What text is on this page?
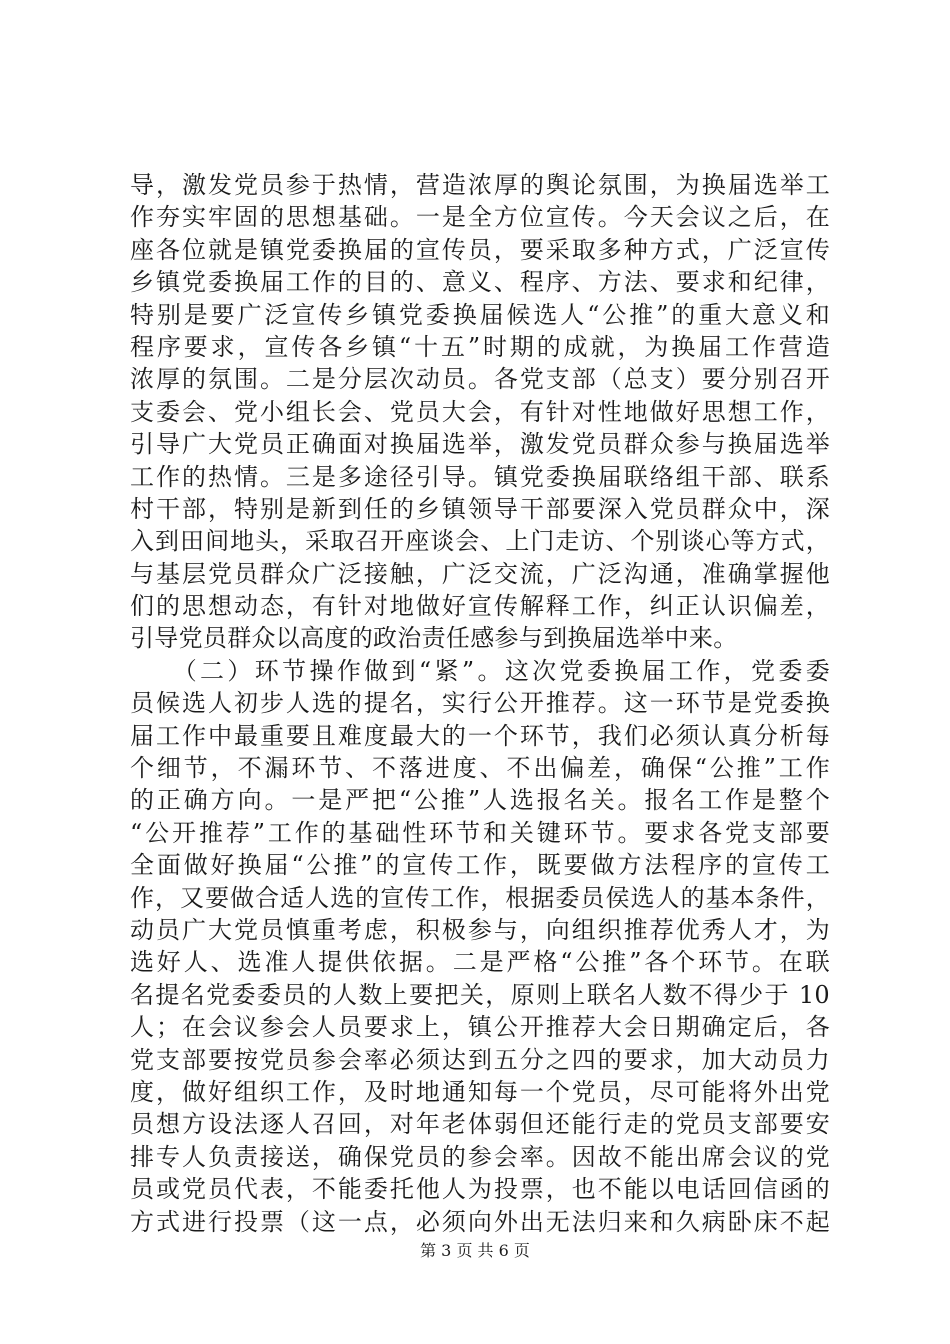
导，激发党员参于热情，营造浓厚的舆论氛围，为换届选举工
作夯实牢固的思想基础。一是全方位宣传。今天会议之后，在
座各位就是镇党委换届的宣传员，要采取多种方式，广泛宣传
乡镇党委换届工作的目的、意义、程序、方法、要求和纪律，
特别是要广泛宣传乡镇党委换届候选人“公推”的重大意义和
程序要求，宣传各乡镇“十五”时期的成就，为换届工作营造
浓厚的氛围。二是分层次动员。各党支部（总支）要分别召开
支委会、党小组长会、党员大会，有针对性地做好思想工作，
引导广大党员正确面对换届选举，激发党员群众参与换届选举
工作的热情。三是多途径引导。镇党委换届联络组干部、联系
村干部，特别是新到任的乡镇领导干部要深入党员群众中，深
入到田间地头，采取召开座谈会、上门走访、个别谈心等方式，
与基层党员群众广泛接触，广泛交流，广泛沟通，准确掌握他
们的思想动态，有针对地做好宣传解释工作，纠正认识偏差，
引导党员群众以高度的政治责任感参与到换届选举中来。
　　（二）环节操作做到“紧”。这次党委换届工作，党委委
员候选人初步人选的提名，实行公开推荐。这一环节是党委换
届工作中最重要且难度最大的一个环节，我们必须认真分析每
个细节，不漏环节、不落进度、不出偏差，确保“公推”工作
的正确方向。一是严把“公推”人选报名关。报名工作是整个
“公开推荐”工作的基础性环节和关键环节。要求各党支部要
全面做好换届“公推”的宣传工作，既要做方法程序的宣传工
作，又要做合适人选的宣传工作，根据委员侯选人的基本条件，
动员广大党员慎重考虑，积极参与，向组织推荐优秀人才，为
选好人、选准人提供依据。二是严格“公推”各个环节。在联
名提名党委委员的人数上要把关，原则上联名人数不得少于 10
人；在会议参会人员要求上，镇公开推荐大会日期确定后，各
党支部要按党员参会率必须达到五分之四的要求，加大动员力
度，做好组织工作，及时地通知每一个党员，尽可能将外出党
员想方设法逐人召回，对年老体弱但还能行走的党员支部要安
排专人负责接送，确保党员的参会率。因故不能出席会议的党
员或党员代表，不能委托他人为投票，也不能以电话回信函的
方式进行投票（这一点，必须向外出无法归来和久病卧床不起
第 3 页 共 6 页
